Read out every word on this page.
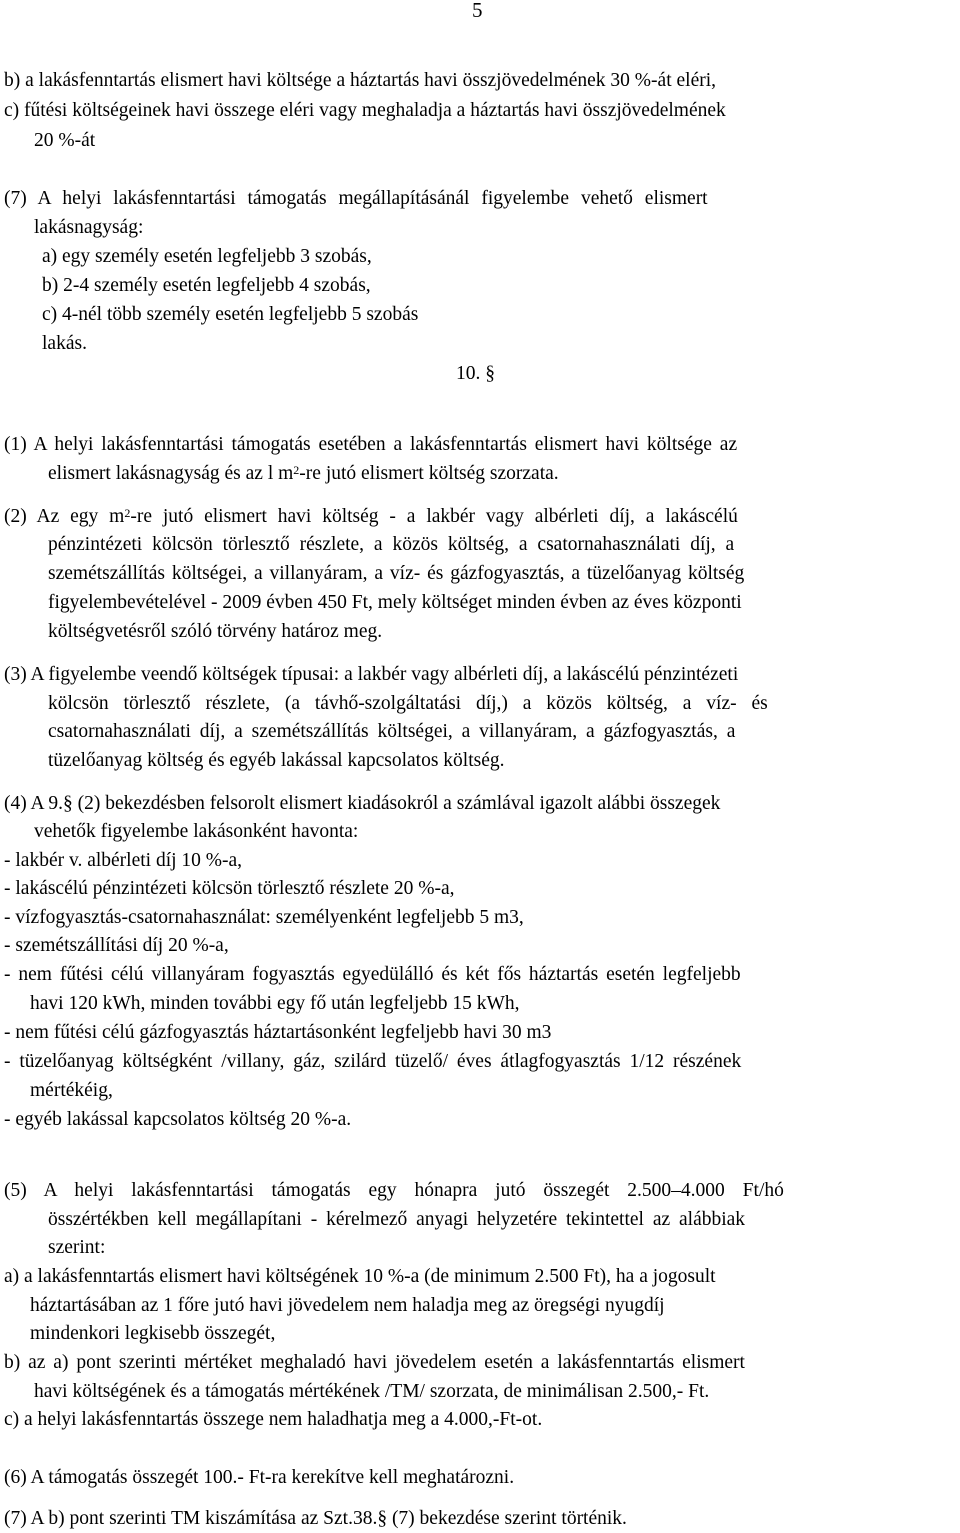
5
b) a lakásfenntartás elismert havi költsége a háztartás havi összjövedelmének 30 %-át eléri,
c) fűtési költségeinek havi összege eléri vagy meghaladja a háztartás havi összjövedelmének
20 %-át
(7) A helyi lakásfenntartási támogatás megállapításánál figyelembe vehető elismert
lakásnagyság:
a) egy személy esetén legfeljebb 3 szobás,
b) 2-4 személy esetén legfeljebb 4 szobás,
c) 4-nél több személy esetén legfeljebb 5 szobás
lakás.
10. §
(1) A helyi lakásfenntartási támogatás esetében a lakásfenntartás elismert havi költsége az
elismert lakásnagyság és az l $m^2-re$ jutó elismert költség szorzata.
(2) Az egy $m^2-re$ jutó elismert havi költség - a lakbér vagy albérleti díj, a lakáscélú
pénzintézeti kölcsön törlesztő részlete, a közös költség, a csatornahasználati díj, a
szemétszállítás költségei, a villanyáram, a víz- és gázfogyasztás, a tüzelőanyag költség
figyelembevételével - 2009 évben 450 Ft, mely költséget minden évben az éves központi
költségvetésről szóló törvény határoz meg.
(3) A figyelembe veendő költségek típusai: a lakbér vagy albérleti díj, a lakáscélú pénzintézeti
kölcsön törlesztő részlete, (a távhő-szolgáltatási díj,) a közös költség, a víz- és
csatornahasználati díj, a szemétszállítás költségei, a villanyáram, a gázfogyasztás, a
tüzelőanyag költség és egyéb lakással kapcsolatos költség.
(4) A 9.§ (2) bekezdésben felsorolt elismert kiadásokról a számlával igazolt alábbi összegek
vehetők figyelembe lakásonként havonta:
- lakbér v. albérleti díj 10 %-a,
- lakáscélú pénzintézeti kölcsön törlesztő részlete 20 %-a,
- vízfogyasztás-csatornahasználat: személyenként legfeljebb 5 m3,
- szemétszállítási díj 20 %-a,
- nem fűtési célú villanyáram fogyasztás egyedülálló és két fős háztartás esetén legfeljebb
havi 120 kWh, minden további egy fő után legfeljebb 15 kWh,
- nem fűtési célú gázfogyasztás háztartásonként legfeljebb havi 30 m3
- tüzelőanyag költségként /villany, gáz, szilárd tüzelő/ éves átlagfogyasztás 1/12 részének
mértékéig,
- egyéb lakással kapcsolatos költség 20 %-a.
(5) A helyi lakásfenntartási támogatás egy hónapra jutó összegét 2.500–4.000 Ft/hó
összértékben kell megállapítani - kérelmező anyagi helyzetére tekintettel az alábbiak
szerint:
a) a lakásfenntartás elismert havi költségének 10 %-a (de minimum 2.500 Ft), ha a jogosult
háztartásában az 1 főre jutó havi jövedelem nem haladja meg az öregségi nyugdíj
mindenkori legkisebb összegét,
b) az a) pont szerinti mértéket meghaladó havi jövedelem esetén a lakásfenntartás elismert
havi költségének és a támogatás mértékének /TM/ szorzata, de minimálisan 2.500,- Ft.
c) a helyi lakásfenntartás összege nem haladhatja meg a 4.000,-Ft-ot.
(6) A támogatás összegét 100.- Ft-ra kerekítve kell meghatározni.
(7) A b) pont szerinti TM kiszámítása az Szt.38.§ (7) bekezdése szerint történik.
